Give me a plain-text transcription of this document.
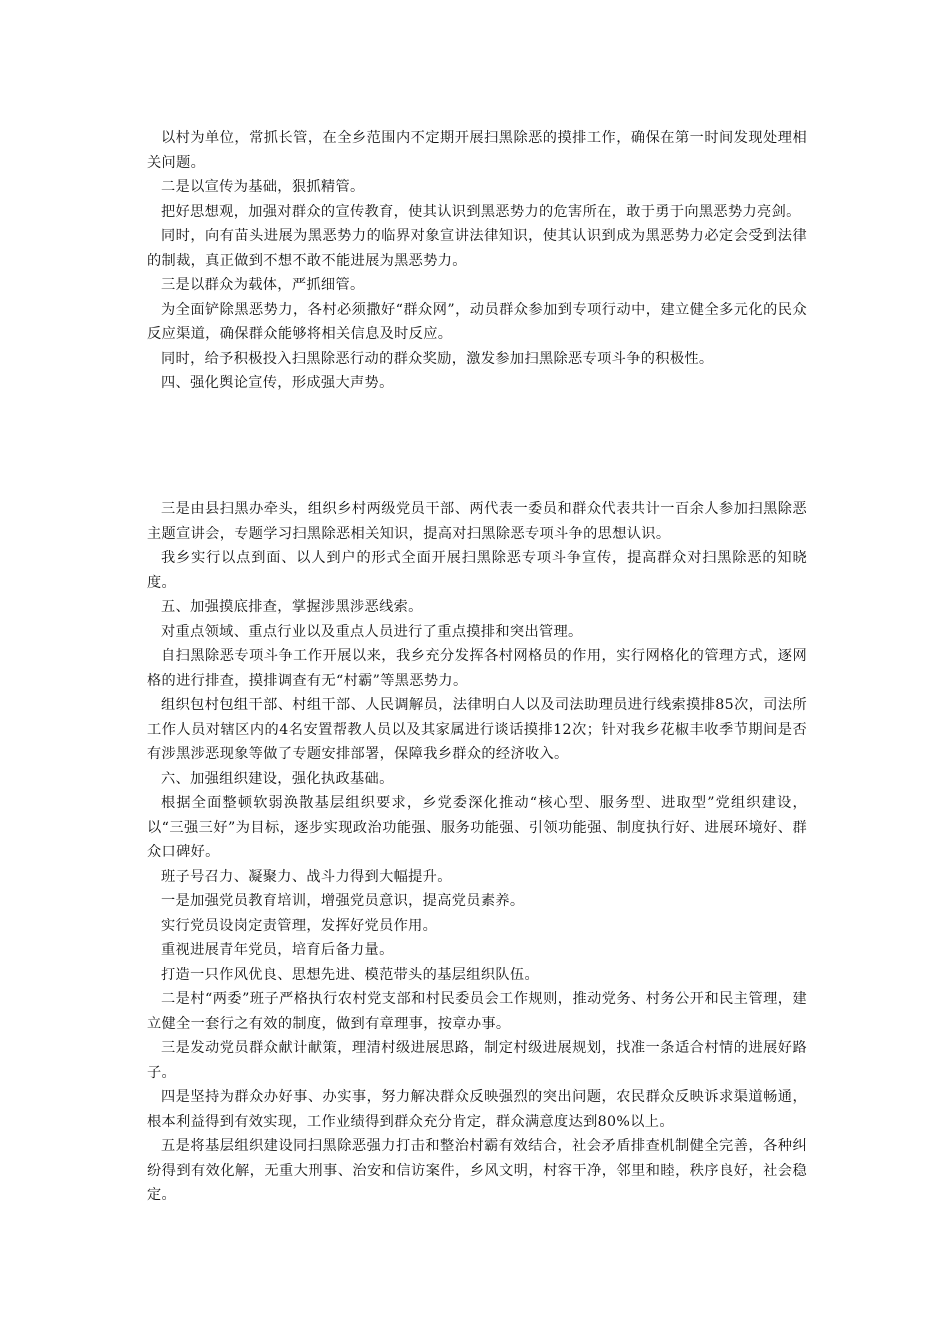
以村为单位，常抓长管，在全乡范围内不定期开展扫黑除恶的摸排工作，确保在第一时间发现处理相关问题。

二是以宣传为基础，狠抓精管。

把好思想观，加强对群众的宣传教育，使其认识到黑恶势力的危害所在，敢于勇于向黑恶势力亮剑。

同时，向有苗头进展为黑恶势力的临界对象宣讲法律知识，使其认识到成为黑恶势力必定会受到法律的制裁，真正做到不想不敢不能进展为黑恶势力。

三是以群众为载体，严抓细管。

为全面铲除黑恶势力，各村必须撒好“群众网”，动员群众参加到专项行动中，建立健全多元化的民众反应渠道，确保群众能够将相关信息及时反应。

同时，给予积极投入扫黑除恶行动的群众奖励，激发参加扫黑除恶专项斗争的积极性。

四、强化舆论宣传，形成强大声势。

三是由县扫黑办牵头，组织乡村两级党员干部、两代表一委员和群众代表共计一百余人参加扫黑除恶主题宣讲会，专题学习扫黑除恶相关知识，提高对扫黑除恶专项斗争的思想认识。

我乡实行以点到面、以人到户的形式全面开展扫黑除恶专项斗争宣传，提高群众对扫黑除恶的知晓度。

五、加强摸底排查，掌握涉黑涉恶线索。

对重点领域、重点行业以及重点人员进行了重点摸排和突出管理。

自扫黑除恶专项斗争工作开展以来，我乡充分发挥各村网格员的作用，实行网格化的管理方式，逐网格的进行排查，摸排调查有无“村霸”等黑恶势力。

组织包村包组干部、村组干部、人民调解员，法律明白人以及司法助理员进行线索摸排85次，司法所工作人员对辖区内的4名安置帮教人员以及其家属进行谈话摸排12次；针对我乡花椒丰收季节期间是否有涉黑涉恶现象等做了专题安排部署，保障我乡群众的经济收入。

六、加强组织建设，强化执政基础。

根据全面整顿软弱涣散基层组织要求，乡党委深化推动“核心型、服务型、进取型”党组织建设，以“三强三好”为目标，逐步实现政治功能强、服务功能强、引领功能强、制度执行好、进展环境好、群众口碑好。

班子号召力、凝聚力、战斗力得到大幅提升。

一是加强党员教育培训，增强党员意识，提高党员素养。

实行党员设岗定责管理，发挥好党员作用。

重视进展青年党员，培育后备力量。

打造一只作风优良、思想先进、模范带头的基层组织队伍。

二是村“两委”班子严格执行农村党支部和村民委员会工作规则，推动党务、村务公开和民主管理，建立健全一套行之有效的制度，做到有章理事，按章办事。

三是发动党员群众献计献策，理清村级进展思路，制定村级进展规划，找准一条适合村情的进展好路子。

四是坚持为群众办好事、办实事，努力解决群众反映强烈的突出问题，农民群众反映诉求渠道畅通，根本利益得到有效实现，工作业绩得到群众充分肯定，群众满意度达到80%以上。

五是将基层组织建设同扫黑除恶强力打击和整治村霸有效结合，社会矛盾排查机制健全完善，各种纠纷得到有效化解，无重大刑事、治安和信访案件，乡风文明，村容干净，邻里和睦，秩序良好，社会稳定。
